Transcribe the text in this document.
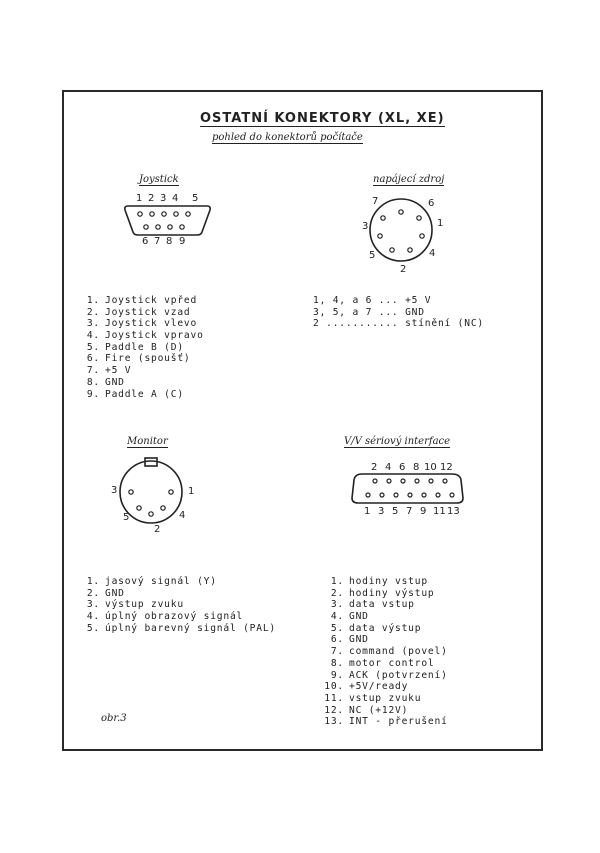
OSTATNÍ KONEKTORY (XL, XE)
pohled do konektorů počítače
Joystick	napájecí zdroj
Monitor	V/V sériový interface
1 2 3 4 5
6 7 8 9
1
2
3
4
5
6
7
1
2
3
4
5
2 4 6 8 10 12
1 3 5 7 9 11 13
1. Joystick vpřed
2. Joystick vzad
3. Joystick vlevo
4. Joystick vpravo
5. Paddle B (D)
6. Fire (spoušť)
7. +5 V
8. GND
9. Paddle A (C)
1, 4, a 6 ... +5 V
3, 5, a 7 ... GND
2 ........... stínění (NC)
1. jasový signál (Y)
2. GND
3. výstup zvuku
4. úplný obrazový signál
5. úplný barevný signál (PAL)
1. hodiny vstup
2. hodiny výstup
3. data vstup
4. GND
5. data výstup
6. GND
7. command (povel)
8. motor control
9. ACK (potvrzení)
10. +5V/ready
11. vstup zvuku
12. NC (+12V)
13. INT - přerušení
obr.3
